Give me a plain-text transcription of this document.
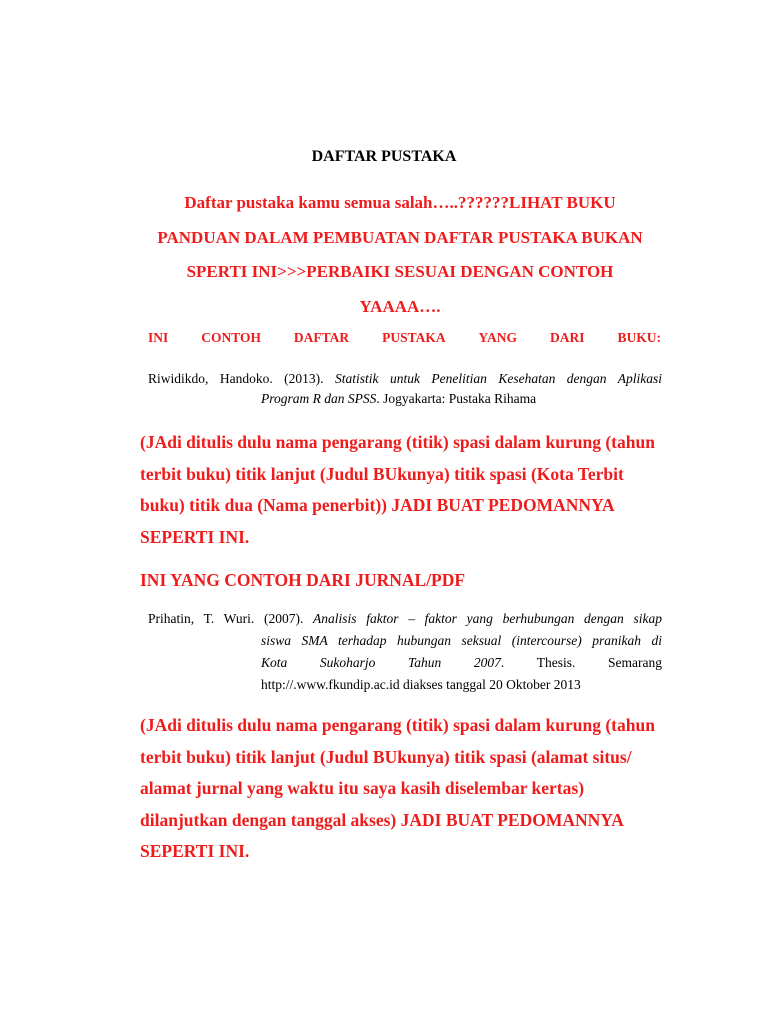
DAFTAR PUSTAKA
Daftar pustaka kamu semua salah…..??????LIHAT BUKU
PANDUAN DALAM PEMBUATAN DAFTAR PUSTAKA BUKAN
SPERTI INI>>>PERBAIKI SESUAI DENGAN CONTOH
YAAAA….
INI CONTOH DAFTAR PUSTAKA YANG DARI BUKU:
Riwidikdo, Handoko. (2013). Statistik untuk Penelitian Kesehatan dengan Aplikasi
Program R dan SPSS. Jogyakarta: Pustaka Rihama
(JAdi ditulis dulu nama pengarang (titik) spasi dalam kurung (tahun
terbit buku) titik lanjut (Judul BUkunya) titik spasi (Kota Terbit
buku) titik dua (Nama penerbit)) JADI BUAT PEDOMANNYA
SEPERTI INI.
INI YANG CONTOH DARI JURNAL/PDF
Prihatin, T. Wuri. (2007). Analisis faktor – faktor yang berhubungan dengan sikap
siswa SMA terhadap hubungan seksual (intercourse) pranikah di
Kota Sukoharjo Tahun 2007. Thesis. Semarang
http://.www.fkundip.ac.id diakses tanggal 20 Oktober 2013
(JAdi ditulis dulu nama pengarang (titik) spasi dalam kurung (tahun
terbit buku) titik lanjut (Judul BUkunya) titik spasi (alamat situs/
alamat jurnal yang waktu itu saya kasih diselembar kertas)
dilanjutkan dengan tanggal akses) JADI BUAT PEDOMANNYA
SEPERTI INI.
